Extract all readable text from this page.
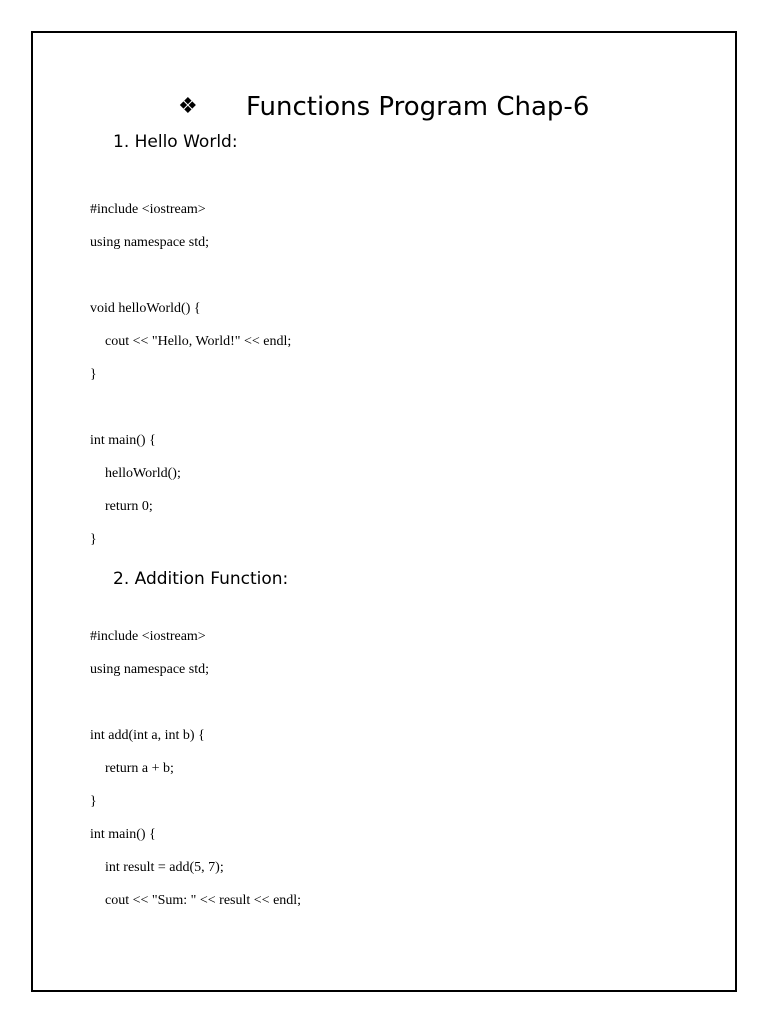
❖ Functions Program Chap-6
1. Hello World:
#include <iostream>
using namespace std;
void helloWorld() {
cout << "Hello, World!" << endl;
}
int main() {
helloWorld();
return 0;
}
2. Addition Function:
#include <iostream>
using namespace std;
int add(int a, int b) {
return a + b;
}
int main() {
int result = add(5, 7);
cout << "Sum: " << result << endl;
